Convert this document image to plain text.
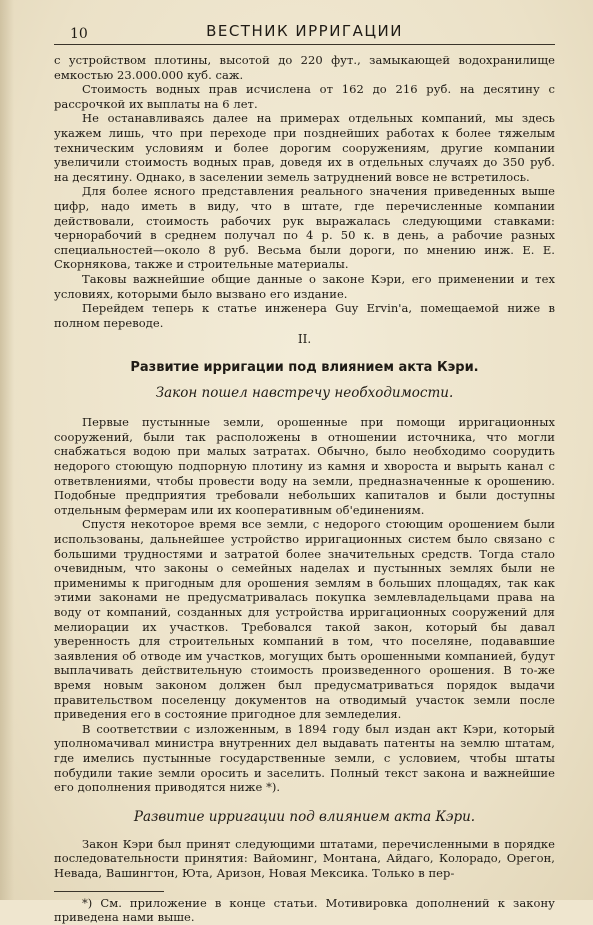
10	ВЕСТНИК ИРРИГАЦИИ

с устройством плотины, высотой до 220 фут., замыкающей водохранилище емкостью 23.000.000 куб. саж.

Стоимость водных прав исчислена от 162 до 216 руб. на десятину с рассрочкой их выплаты на 6 лет.

Не останавливаясь далее на примерах отдельных компаний, мы здесь укажем лишь, что при переходе при позднейших работах к более тяжелым техническим условиям и более дорогим сооружениям, другие компании увеличили стоимость водных прав, доведя их в отдельных случаях до 350 руб. на десятину. Однако, в заселении земель затруднений вовсе не встретилось.

Для более ясного представления реального значения приведенных выше цифр, надо иметь в виду, что в штате, где перечисленные компании действовали, стоимость рабочих рук выражалась следующими ставками: чернорабочий в среднем получал по 4 р. 50 к. в день, а рабочие разных специальностей—около 8 руб. Весьма были дороги, по мнению инж. Е. Е. Скорнякова, также и строительные материалы.

Таковы важнейшие общие данные о законе Кэри, его применении и тех условиях, которыми было вызвано его издание.

Перейдем теперь к статье инженера Guy Ervin'a, помещаемой ниже в полном переводе.

II.
Развитие ирригации под влиянием акта Кэри.
Закон пошел навстречу необходимости.

Первые пустынные земли, орошенные при помощи ирригационных сооружений, были так расположены в отношении источника, что могли снабжаться водою при малых затратах. Обычно, было необходимо соорудить недорого стоющую подпорную плотину из камня и хвороста и вырыть канал с ответвлениями, чтобы провести воду на земли, предназначенные к орошению. Подобные предприятия требовали небольших капиталов и были доступны отдельным фермерам или их кооперативным об'единениям.

Спустя некоторое время все земли, с недорого стоющим орошением были использованы, дальнейшее устройство ирригационных систем было связано с большими трудностями и затратой более значительных средств. Тогда стало очевидным, что законы о семейных наделах и пустынных землях были не применимы к пригодным для орошения землям в больших площадях, так как этими законами не предусматривалась покупка землевладельцами права на воду от компаний, созданных для устройства ирригационных сооружений для мелиорации их участков. Требовался такой закон, который бы давал уверенность для строительных компаний в том, что поселяне, подававшие заявления об отводе им участков, могущих быть орошенными компанией, будут выплачивать действительную стоимость произведенного орошения. В то-же время новым законом должен был предусматриваться порядок выдачи правительством поселенцу документов на отводимый участок земли после приведения его в состояние пригодное для земледелия.

В соответствии с изложенным, в 1894 году был издан акт Кэри, который уполномачивал министра внутренних дел выдавать патенты на землю штатам, где имелись пустынные государственные земли, с условием, чтобы штаты побудили такие земли оросить и заселить. Полный текст закона и важнейшие его дополнения приводятся ниже *).

Развитие ирригации под влиянием акта Кэри.

Закон Кэри был принят следующими штатами, перечисленными в порядке последовательности принятия: Вайоминг, Монтана, Айдаго, Колорадо, Орегон, Невада, Вашингтон, Юта, Аризон, Новая Мексика. Только в пер-

*) См. приложение в конце статьи. Мотивировка дополнений к закону приведена нами выше.
